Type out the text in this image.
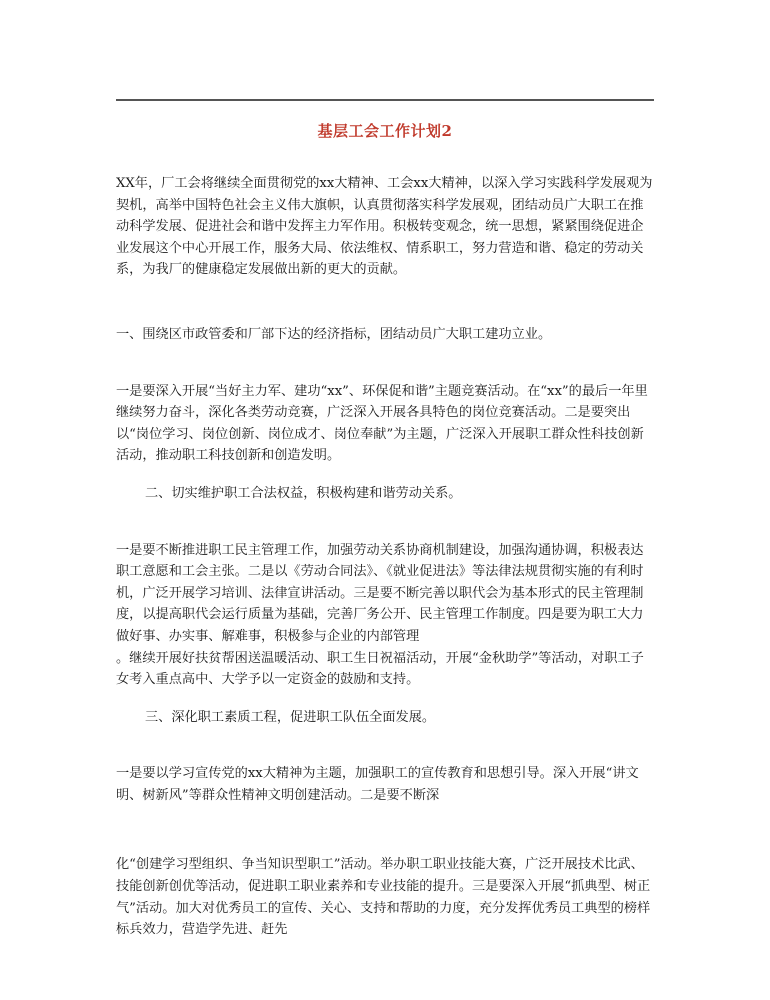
基层工会工作计划2

XX年，厂工会将继续全面贯彻党的xx大精神、工会xx大精神，以深入学习实践科学发展观为契机，高举中国特色社会主义伟大旗帜，认真贯彻落实科学发展观，团结动员广大职工在推动科学发展、促进社会和谐中发挥主力军作用。积极转变观念，统一思想，紧紧围绕促进企业发展这个中心开展工作，服务大局、依法维权、情系职工，努力营造和谐、稳定的劳动关系，为我厂的健康稳定发展做出新的更大的贡献。

一、围绕区市政管委和厂部下达的经济指标，团结动员广大职工建功立业。

一是要深入开展“当好主力军、建功“xx”、环保促和谐”主题竞赛活动。在“xx”的最后一年里继续努力奋斗，深化各类劳动竞赛，广泛深入开展各具特色的岗位竞赛活动。二是要突出以“岗位学习、岗位创新、岗位成才、岗位奉献”为主题，广泛深入开展职工群众性科技创新活动，推动职工科技创新和创造发明。

二、切实维护职工合法权益，积极构建和谐劳动关系。

一是要不断推进职工民主管理工作，加强劳动关系协商机制建设，加强沟通协调，积极表达职工意愿和工会主张。二是以《劳动合同法》、《就业促进法》等法律法规贯彻实施的有利时机，广泛开展学习培训、法律宣讲活动。三是要不断完善以职代会为基本形式的民主管理制度，以提高职代会运行质量为基础，完善厂务公开、民主管理工作制度。四是要为职工大力做好事、办实事、解难事，积极参与企业的内部管理

。继续开展好扶贫帮困送温暖活动、职工生日祝福活动，开展“金秋助学”等活动，对职工子女考入重点高中、大学予以一定资金的鼓励和支持。

三、深化职工素质工程，促进职工队伍全面发展。

一是要以学习宣传党的xx大精神为主题，加强职工的宣传教育和思想引导。深入开展“讲文明、树新风”等群众性精神文明创建活动。二是要不断深

化“创建学习型组织、争当知识型职工”活动。举办职工职业技能大赛，广泛开展技术比武、技能创新创优等活动，促进职工职业素养和专业技能的提升。三是要深入开展“抓典型、树正气”活动。加大对优秀员工的宣传、关心、支持和帮助的力度，充分发挥优秀员工典型的榜样标兵效力，营造学先进、赶先
